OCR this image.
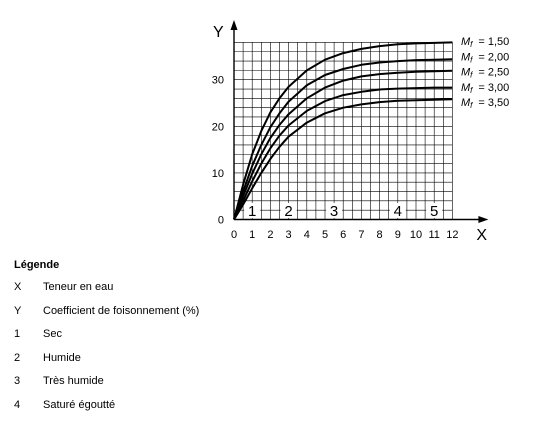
X
Y
0 1 2 3 4 5 6 7 8 9 10 11 12
0
10
20
30
1 2 3	4 5
Mf = 1,50
Mf = 2,00
Mf = 2,50
Mf = 3,00
Mf = 3,50
Légende
X Teneur en eau
Y Coefficient de foisonnement (%)
1 Sec
2 Humide
3 Très humide
4 Saturé égoutté
